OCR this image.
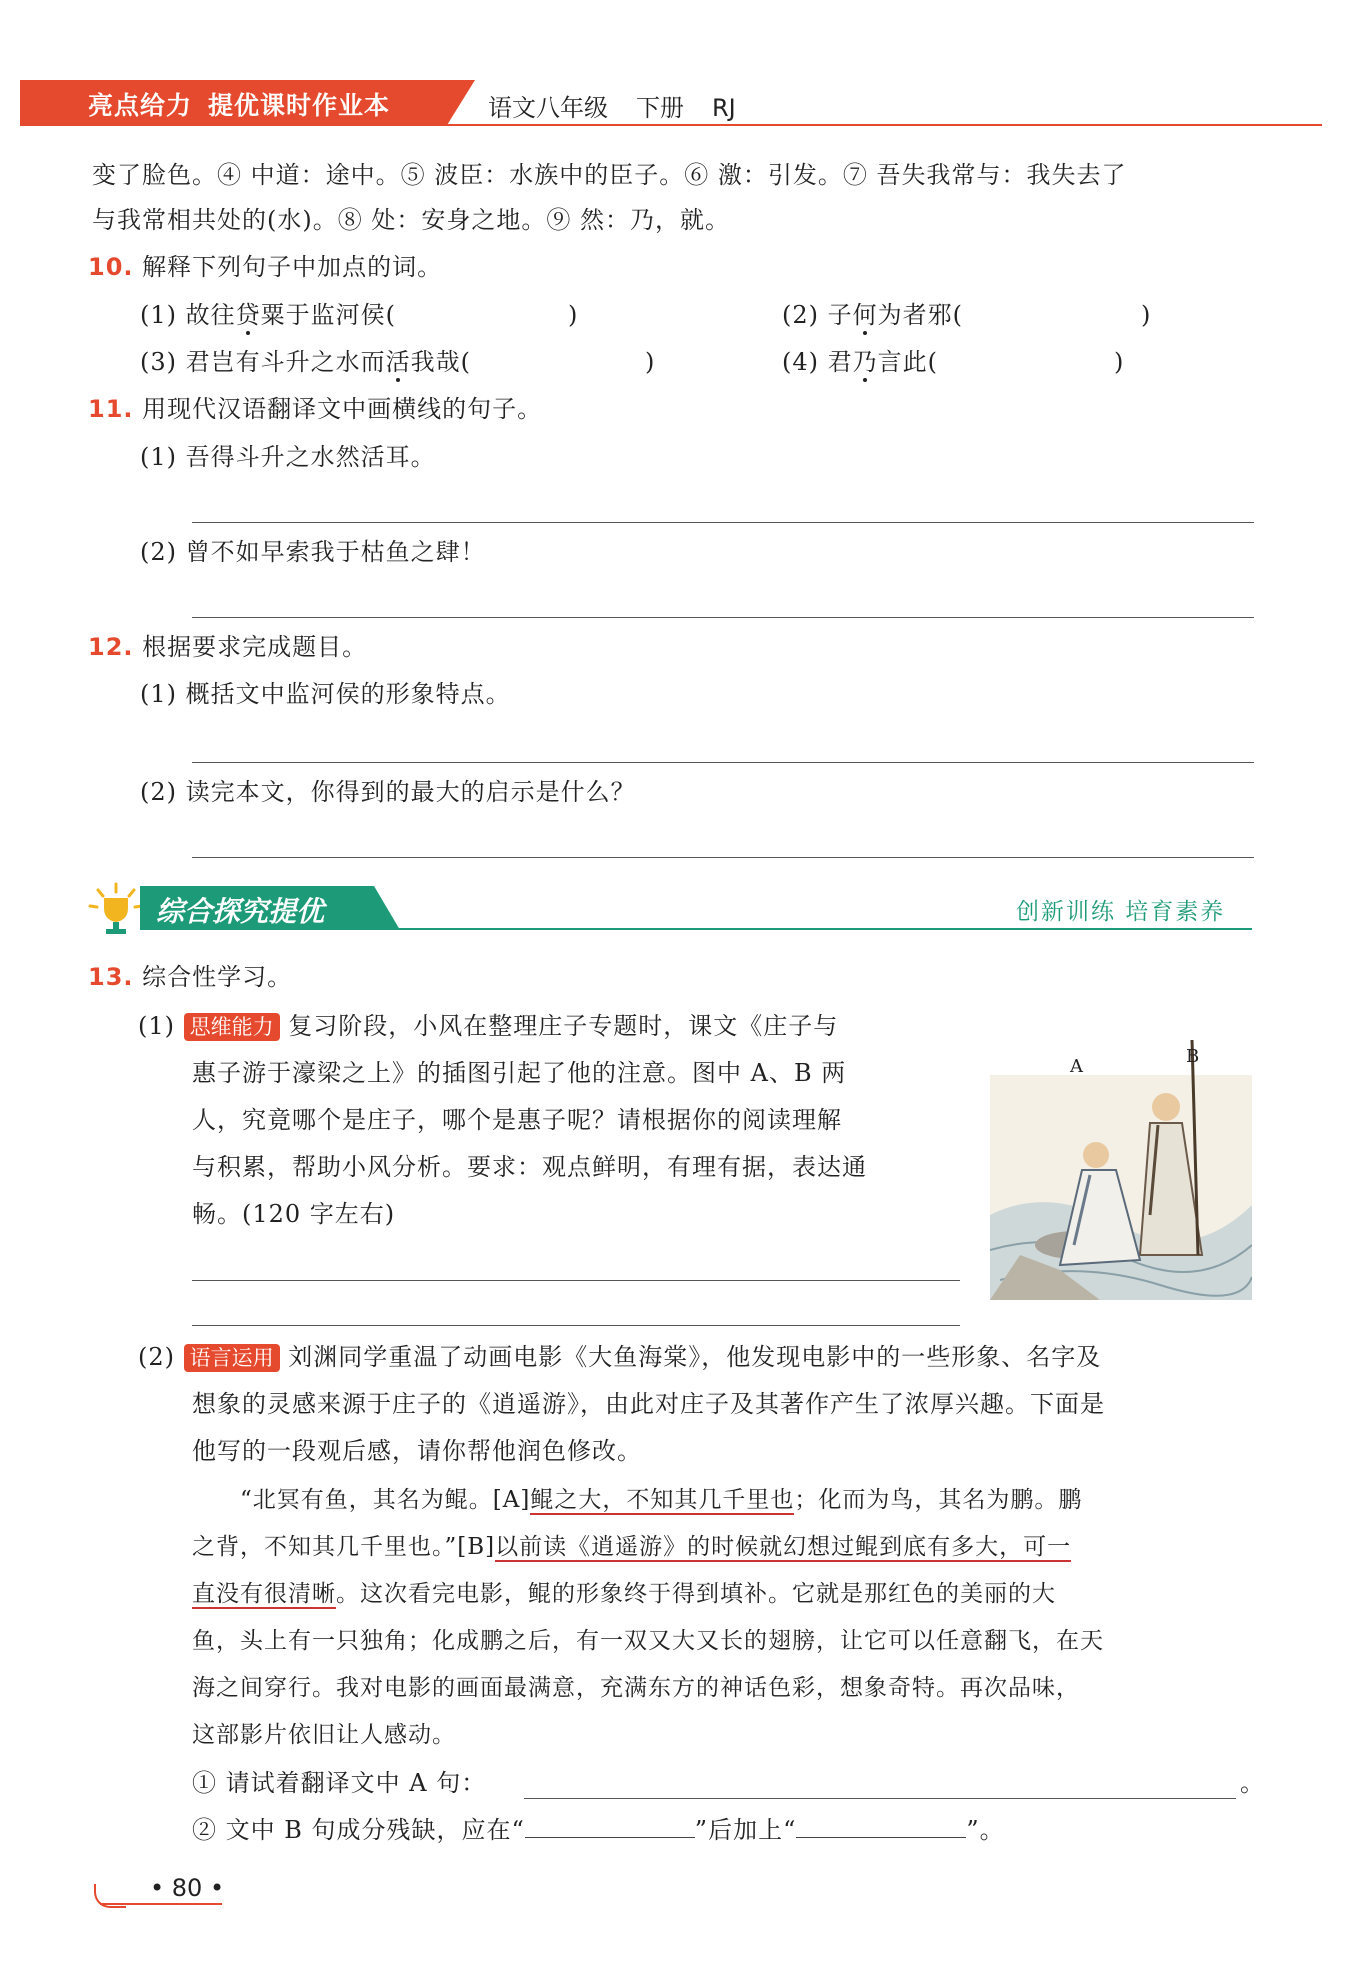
亮点给力 提优课时作业本	语文八年级 下册 RJ
变了脸色。④ 中道：途中。⑤ 波臣：水族中的臣子。⑥ 激：引发。⑦ 吾失我常与：我失去了
与我常相共处的(水)。⑧ 处：安身之地。⑨ 然：乃，就。
10. 解释下列句子中加点的词。
(1) 故往贷粟于监河侯(	)	(2) 子何为者邪(	)
(3) 君岂有斗升之水而活我哉(	)	(4) 君乃言此(	)
11. 用现代汉语翻译文中画横线的句子。
(1) 吾得斗升之水然活耳。
(2) 曾不如早索我于枯鱼之肆！
12. 根据要求完成题目。
(1) 概括文中监河侯的形象特点。
(2) 读完本文，你得到的最大的启示是什么？
综合探究提优	创新训练 培育素养
13. 综合性学习。
(1) 思维能力 复习阶段，小风在整理庄子专题时，课文《庄子与
惠子游于濠梁之上》的插图引起了他的注意。图中 A、B 两
人，究竟哪个是庄子，哪个是惠子呢？请根据你的阅读理解
与积累，帮助小风分析。要求：观点鲜明，有理有据，表达通
畅。(120 字左右)
A	B
(2) 语言运用 刘渊同学重温了动画电影《大鱼海棠》，他发现电影中的一些形象、名字及
想象的灵感来源于庄子的《逍遥游》，由此对庄子及其著作产生了浓厚兴趣。下面是
他写的一段观后感，请你帮他润色修改。
“北冥有鱼，其名为鲲。[A]鲲之大，不知其几千里也；化而为鸟，其名为鹏。鹏
之背，不知其几千里也。”[B]以前读《逍遥游》的时候就幻想过鲲到底有多大，可一
直没有很清晰。这次看完电影，鲲的形象终于得到填补。它就是那红色的美丽的大
鱼，头上有一只独角；化成鹏之后，有一双又大又长的翅膀，让它可以任意翻飞，在天
海之间穿行。我对电影的画面最满意，充满东方的神话色彩，想象奇特。再次品味，
这部影片依旧让人感动。
① 请试着翻译文中 A 句：	。
② 文中 B 句成分残缺，应在“	”后加上“	”。
• 80 •
